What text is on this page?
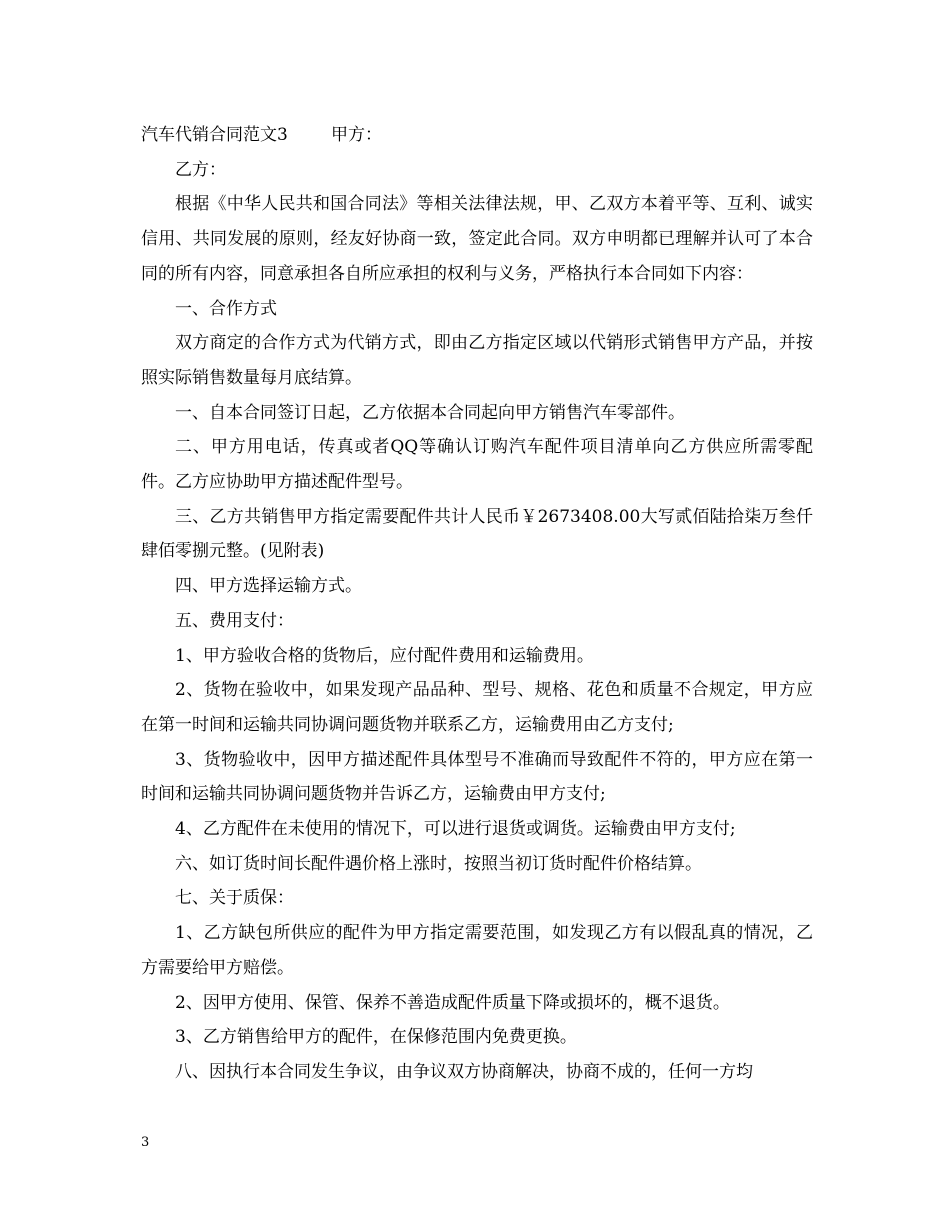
汽车代销合同范文3        甲方：

乙方：

根据《中华人民共和国合同法》等相关法律法规，甲、乙双方本着平等、互利、诚实信用、共同发展的原则，经友好协商一致，签定此合同。双方申明都已理解并认可了本合同的所有内容，同意承担各自所应承担的权利与义务，严格执行本合同如下内容：

一、合作方式

双方商定的合作方式为代销方式，即由乙方指定区域以代销形式销售甲方产品，并按照实际销售数量每月底结算。

一、自本合同签订日起，乙方依据本合同起向甲方销售汽车零部件。

二、甲方用电话，传真或者QQ等确认订购汽车配件项目清单向乙方供应所需零配件。乙方应协助甲方描述配件型号。

三、乙方共销售甲方指定需要配件共计人民币￥2673408.00大写贰佰陆拾柒万叁仟肆佰零捌元整。(见附表)

四、甲方选择运输方式。

五、费用支付：

1、甲方验收合格的货物后，应付配件费用和运输费用。

2、货物在验收中，如果发现产品品种、型号、规格、花色和质量不合规定，甲方应在第一时间和运输共同协调问题货物并联系乙方，运输费用由乙方支付;

3、货物验收中，因甲方描述配件具体型号不准确而导致配件不符的，甲方应在第一时间和运输共同协调问题货物并告诉乙方，运输费由甲方支付;

4、乙方配件在未使用的情况下，可以进行退货或调货。运输费由甲方支付;

六、如订货时间长配件遇价格上涨时，按照当初订货时配件价格结算。

七、关于质保：

1、乙方缺包所供应的配件为甲方指定需要范围，如发现乙方有以假乱真的情况，乙方需要给甲方赔偿。

2、因甲方使用、保管、保养不善造成配件质量下降或损坏的，概不退货。

3、乙方销售给甲方的配件，在保修范围内免费更换。

八、因执行本合同发生争议，由争议双方协商解决，协商不成的，任何一方均

3
